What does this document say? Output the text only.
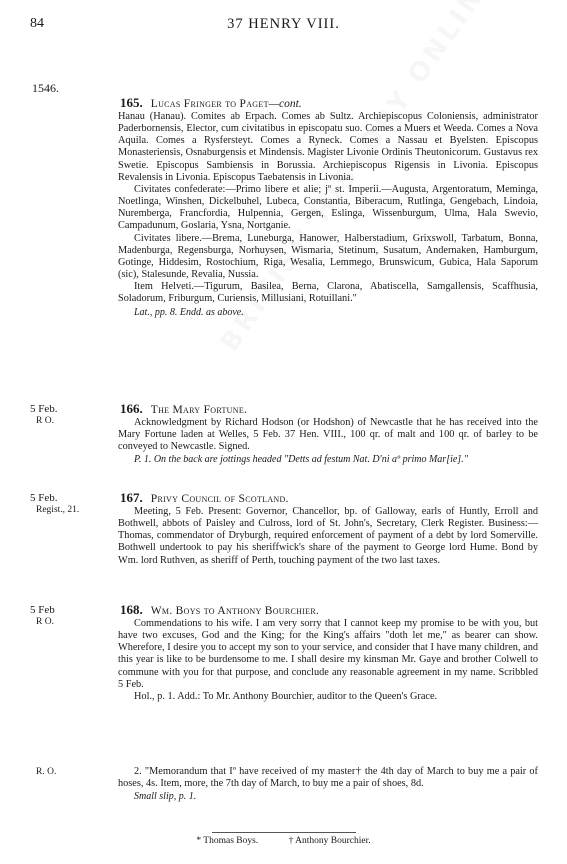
84	37 HENRY VIII.
1546.

165. Lucas Fringer to Paget—cont.

Hanau (Hanau). Comites ab Erpach. Comes ab Sultz. Archiepiscopus Coloniensis, administrator Paderbornensis, Elector, cum civitatibus in episcopatu suo. Comes a Muers et Weeda. Comes a Nova Aquila. Comes a Rysfersteyt. Comes a Ryneck. Comes a Nassau et Byelsten. Episcopus Monasteriensis, Osnaburgensis et Mindensis. Magister Livonie Ordinis Theutonicorum. Gustavus rex Swetie. Episcopus Sambiensis in Borussia. Archiepiscopus Rigensis in Livonia. Episcopus Revalensis in Livonia. Episcopus Taebatensis in Livonia.

Civitates confederate:—Primo libere et alie; jº st. Imperii.—Augusta, Argentoratum, Meminga, Noetlinga, Winshen, Dickelbuhel, Lubeca, Constantia, Biberacum, Rutlinga, Gengebach, Lindoia, Nuremberga, Francfordia, Hulpennia, Gergen, Eslinga, Wissenburgum, Ulma, Hala Swevio, Campadunum, Goslaria, Ysna, Nortganie.

Civitates libere.—Brema, Luneburga, Hanower, Halberstadium, Grixswoll, Tarbatum, Bonna, Madenburga, Regensburga, Norhuysen, Wismaria, Stetinum, Susatum, Andernaken, Hamburgum, Gotinge, Hiddesim, Rostochium, Riga, Wesalia, Lemmego, Brunswicum, Gubica, Hala Saporum (sic), Stalesunde, Revalia, Nussia.

Item Helveti.—Tigurum, Basilea, Berna, Clarona, Abatiscella, Samgallensis, Scaffhusia, Soladorum, Friburgum, Curiensis, Millusiani, Rotuillani."

Lat., pp. 8. Endd. as above.

5 Feb.
R O.

166. The Mary Fortune.

Acknowledgment by Richard Hodson (or Hodshon) of Newcastle that he has received into the Mary Fortune laden at Welles, 5 Feb. 37 Hen. VIII., 100 qr. of malt and 100 qr. of barley to be conveyed to Newcastle. Signed.

P. 1. On the back are jottings headed "Detts ad festum Nat. D'ni aº primo Mar[ie]."

5 Feb.
Regist., 21.

167. Privy Council of Scotland.

Meeting, 5 Feb. Present: Governor, Chancellor, bp. of Galloway, earls of Huntly, Erroll and Bothwell, abbots of Paisley and Culross, lord of St. John's, Secretary, Clerk Register. Business:—Thomas, commendator of Dryburgh, required enforcement of payment of a debt by lord Somerville. Bothwell undertook to pay his sheriffwick's share of the payment to George lord Hume. Bond by Wm. lord Ruthven, as sheriff of Perth, touching payment of the two last taxes.

5 Feb
R O.

168. Wm. Boys to Anthony Bourchier.

Commendations to his wife. I am very sorry that I cannot keep my promise to be with you, but have two excuses, God and the King; for the King's affairs "doth let me," as bearer can show. Wherefore, I desire you to accept my son to your service, and consider that I have many children, and this year is like to be burdensome to me. I shall desire my kinsman Mr. Gaye and brother Colwell to commune with you for that purpose, and conclude any reasonable agreement in my name. Scribbled 5 Feb.

Hol., p. 1. Add.: To Mr. Anthony Bourchier, auditor to the Queen's Grace.

R. O.	2. "Memorandum that Iº have received of my master† the 4th day of March to buy me a pair of hoses, 4s. Item, more, the 7th day of March, to buy me a pair of shoes, 8d.

Small slip, p. 1.

* Thomas Boys.	† Anthony Bourchier.
